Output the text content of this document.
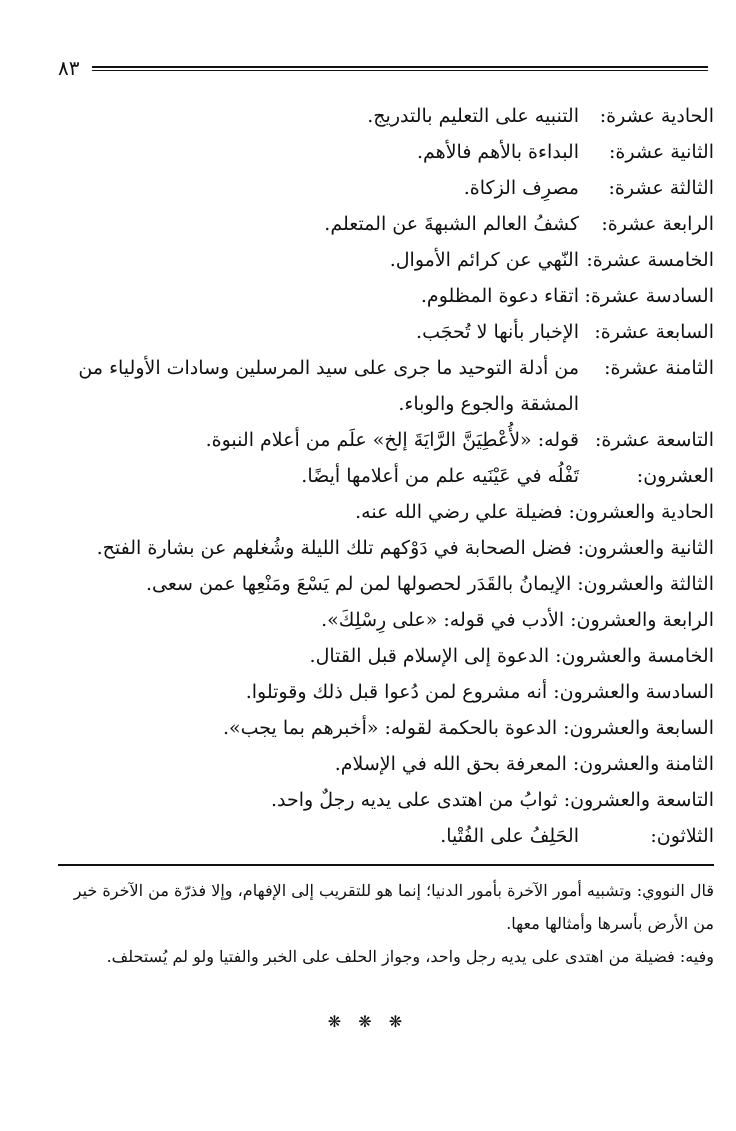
٨٣
الحادية عشرة:
التنبيه على التعليم بالتدريج.
الثانية عشرة:
البداءة بالأهم فالأهم.
الثالثة عشرة:
مصرِف الزكاة.
الرابعة عشرة:
كشفُ العالم الشبهةَ عن المتعلم.
الخامسة عشرة:
النّهي عن كرائم الأموال.
السادسة عشرة:
اتقاء دعوة المظلوم.
السابعة عشرة:
الإخبار بأنها لا تُحجَب.
الثامنة عشرة:
من أدلة التوحيد ما جرى على سيد المرسلين وسادات الأولياء من المشقة والجوع والوباء.
التاسعة عشرة:
قوله: «لأُعْطِيَنَّ الرَّايَةَ إلخ» علَم من أعلام النبوة.
العشرون:
تَفْلُه في عَيْنَيه علم من أعلامها أيضًا.
الحادية والعشرون:
فضيلة علي رضي الله عنه.
الثانية والعشرون:
فضل الصحابة في دَوْكهم تلك الليلة وشُغلهم عن بشارة الفتح.
الثالثة والعشرون:
الإيمانُ بالقَدَر لحصولها لمن لم يَسْعَ ومَنْعِها عمن سعى.
الرابعة والعشرون:
الأدب في قوله: «على رِسْلِكَ».
الخامسة والعشرون:
الدعوة إلى الإسلام قبل القتال.
السادسة والعشرون:
أنه مشروع لمن دُعوا قبل ذلك وقوتلوا.
السابعة والعشرون:
الدعوة بالحكمة لقوله: «أخبرهم بما يجب».
الثامنة والعشرون:
المعرفة بحق الله في الإسلام.
التاسعة والعشرون:
ثوابُ من اهتدى على يديه رجلٌ واحد.
الثلاثون:
الحَلِفُ على الفُتْيا.

قال النووي: وتشبيه أمور الآخرة بأمور الدنيا؛ إنما هو للتقريب إلى الإفهام، وإلا فذرّة من الآخرة خير من الأرض بأسرها وأمثالها معها.

وفيه: فضيلة من اهتدى على يديه رجل واحد، وجواز الحلف على الخبر والفتيا ولو لم يُستحلف.

❋ ❋ ❋
